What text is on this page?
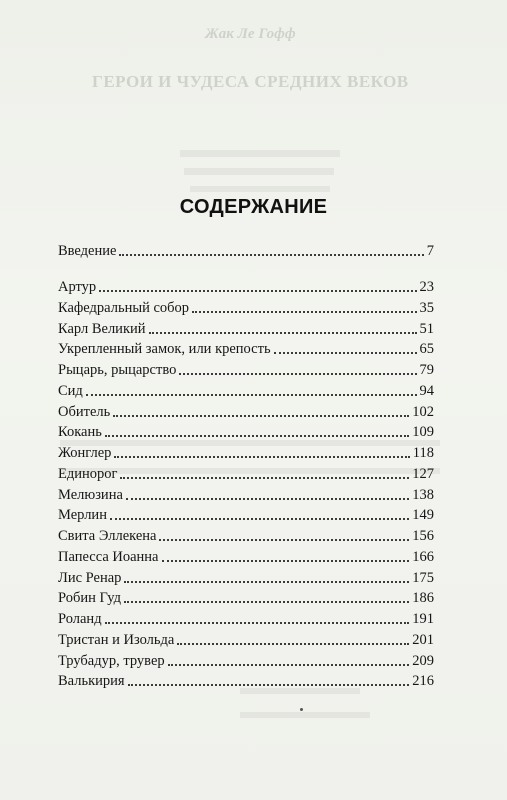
Жак Ле Гофф
ГЕРОИ И ЧУДЕСА СРЕДНИХ ВЕКОВ
СОДЕРЖАНИЕ
Введение	7
Артур	23
Кафедральный собор	35
Карл Великий	51
Укрепленный замок, или крепость	65
Рыцарь, рыцарство	79
Сид	94
Обитель	102
Кокань	109
Жонглер	118
Единорог	127
Мелюзина	138
Мерлин	149
Свита Эллекена	156
Папесса Иоанна	166
Лис Ренар	175
Робин Гуд	186
Роланд	191
Тристан и Изольда	201
Трубадур, трувер	209
Валькирия	216
